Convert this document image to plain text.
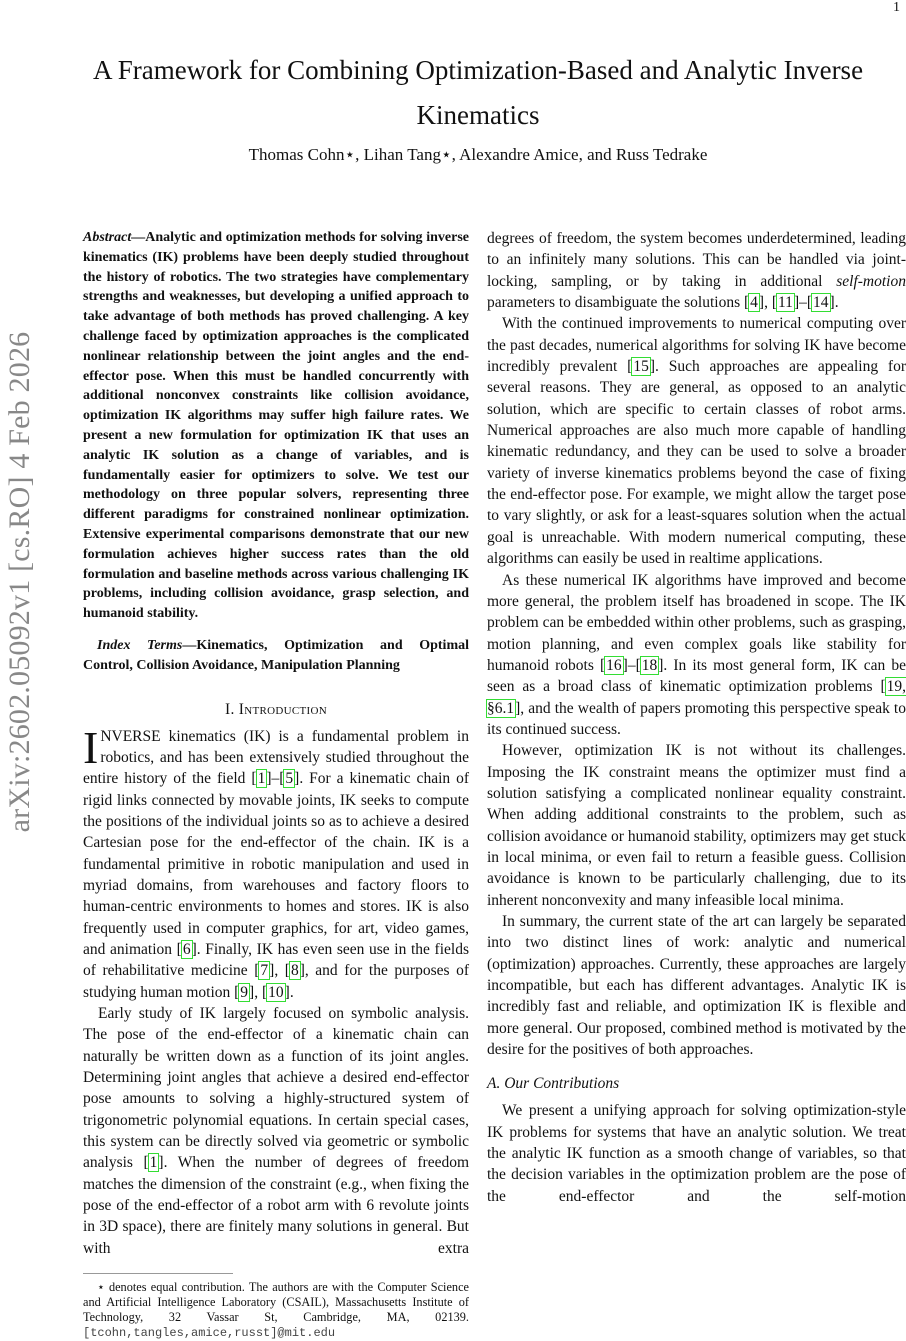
1
arXiv:2602.05092v1 [cs.RO] 4 Feb 2026
A Framework for Combining Optimization-Based and Analytic Inverse Kinematics
Thomas Cohn⋆, Lihan Tang⋆, Alexandre Amice, and Russ Tedrake
Abstract—Analytic and optimization methods for solving inverse kinematics (IK) problems have been deeply studied throughout the history of robotics. The two strategies have complementary strengths and weaknesses, but developing a unified approach to take advantage of both methods has proved challenging. A key challenge faced by optimization approaches is the complicated nonlinear relationship between the joint angles and the end-effector pose. When this must be handled concurrently with additional nonconvex constraints like collision avoidance, optimization IK algorithms may suffer high failure rates. We present a new formulation for optimization IK that uses an analytic IK solution as a change of variables, and is fundamentally easier for optimizers to solve. We test our methodology on three popular solvers, representing three different paradigms for constrained nonlinear optimization. Extensive experimental comparisons demonstrate that our new formulation achieves higher success rates than the old formulation and baseline methods across various challenging IK problems, including collision avoidance, grasp selection, and humanoid stability.
Index Terms—Kinematics, Optimization and Optimal Control, Collision Avoidance, Manipulation Planning
I. Introduction

INVERSE kinematics (IK) is a fundamental problem in robotics, and has been extensively studied throughout the entire history of the field [1]–[5]. For a kinematic chain of rigid links connected by movable joints, IK seeks to compute the positions of the individual joints so as to achieve a desired Cartesian pose for the end-effector of the chain. IK is a fundamental primitive in robotic manipulation and used in myriad domains, from warehouses and factory floors to human-centric environments to homes and stores. IK is also frequently used in computer graphics, for art, video games, and animation [6]. Finally, IK has even seen use in the fields of rehabilitative medicine [7], [8], and for the purposes of studying human motion [9], [10].

Early study of IK largely focused on symbolic analysis. The pose of the end-effector of a kinematic chain can naturally be written down as a function of its joint angles. Determining joint angles that achieve a desired end-effector pose amounts to solving a highly-structured system of trigonometric polynomial equations. In certain special cases, this system can be directly solved via geometric or symbolic analysis [1]. When the number of degrees of freedom matches the dimension of the constraint (e.g., when fixing the pose of the end-effector of a robot arm with 6 revolute joints in 3D space), there are finitely many solutions in general. But with extra

⋆ denotes equal contribution. The authors are with the Computer Science and Artificial Intelligence Laboratory (CSAIL), Massachusetts Institute of Technology, 32 Vassar St, Cambridge, MA, 02139. [tcohn,tangles,amice,russt]@mit.edu

degrees of freedom, the system becomes underdetermined, leading to an infinitely many solutions. This can be handled via joint-locking, sampling, or by taking in additional self-motion parameters to disambiguate the solutions [4], [11]–[14].

With the continued improvements to numerical computing over the past decades, numerical algorithms for solving IK have become incredibly prevalent [15]. Such approaches are appealing for several reasons. They are general, as opposed to an analytic solution, which are specific to certain classes of robot arms. Numerical approaches are also much more capable of handling kinematic redundancy, and they can be used to solve a broader variety of inverse kinematics problems beyond the case of fixing the end-effector pose. For example, we might allow the target pose to vary slightly, or ask for a least-squares solution when the actual goal is unreachable. With modern numerical computing, these algorithms can easily be used in realtime applications.

As these numerical IK algorithms have improved and become more general, the problem itself has broadened in scope. The IK problem can be embedded within other problems, such as grasping, motion planning, and even complex goals like stability for humanoid robots [16]–[18]. In its most general form, IK can be seen as a broad class of kinematic optimization problems [19, §6.1], and the wealth of papers promoting this perspective speak to its continued success.

However, optimization IK is not without its challenges. Imposing the IK constraint means the optimizer must find a solution satisfying a complicated nonlinear equality constraint. When adding additional constraints to the problem, such as collision avoidance or humanoid stability, optimizers may get stuck in local minima, or even fail to return a feasible guess. Collision avoidance is known to be particularly challenging, due to its inherent nonconvexity and many infeasible local minima.

In summary, the current state of the art can largely be separated into two distinct lines of work: analytic and numerical (optimization) approaches. Currently, these approaches are largely incompatible, but each has different advantages. Analytic IK is incredibly fast and reliable, and optimization IK is flexible and more general. Our proposed, combined method is motivated by the desire for the positives of both approaches.

A. Our Contributions

We present a unifying approach for solving optimization-style IK problems for systems that have an analytic solution. We treat the analytic IK function as a smooth change of variables, so that the decision variables in the optimization problem are the pose of the end-effector and the self-motion
